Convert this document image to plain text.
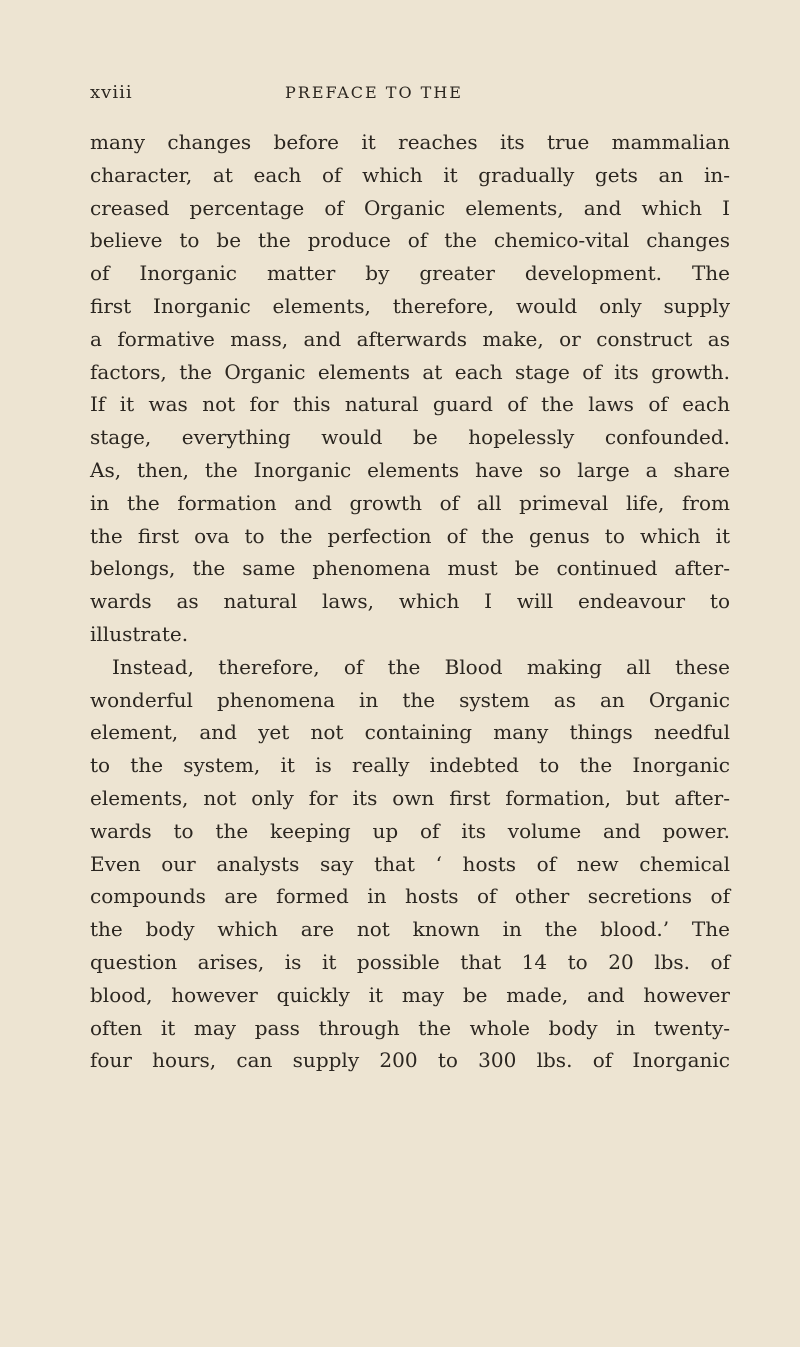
xviii	PREFACE TO THE
many changes before it reaches its true mammalian
character, at each of which it gradually gets an in-
creased percentage of Organic elements, and which I
believe to be the produce of the chemico-vital changes
of Inorganic matter by greater development. The
first Inorganic elements, therefore, would only supply
a formative mass, and afterwards make, or construct as
factors, the Organic elements at each stage of its growth.
If it was not for this natural guard of the laws of each
stage, everything would be hopelessly confounded.
As, then, the Inorganic elements have so large a share
in the formation and growth of all primeval life, from
the first ova to the perfection of the genus to which it
belongs, the same phenomena must be continued after-
wards as natural laws, which I will endeavour to
illustrate.
Instead, therefore, of the Blood making all these
wonderful phenomena in the system as an Organic
element, and yet not containing many things needful
to the system, it is really indebted to the Inorganic
elements, not only for its own first formation, but after-
wards to the keeping up of its volume and power.
Even our analysts say that ‘ hosts of new chemical
compounds are formed in hosts of other secretions of
the body which are not known in the blood.’ The
question arises, is it possible that 14 to 20 lbs. of
blood, however quickly it may be made, and however
often it may pass through the whole body in twenty-
four hours, can supply 200 to 300 lbs. of Inorganic
